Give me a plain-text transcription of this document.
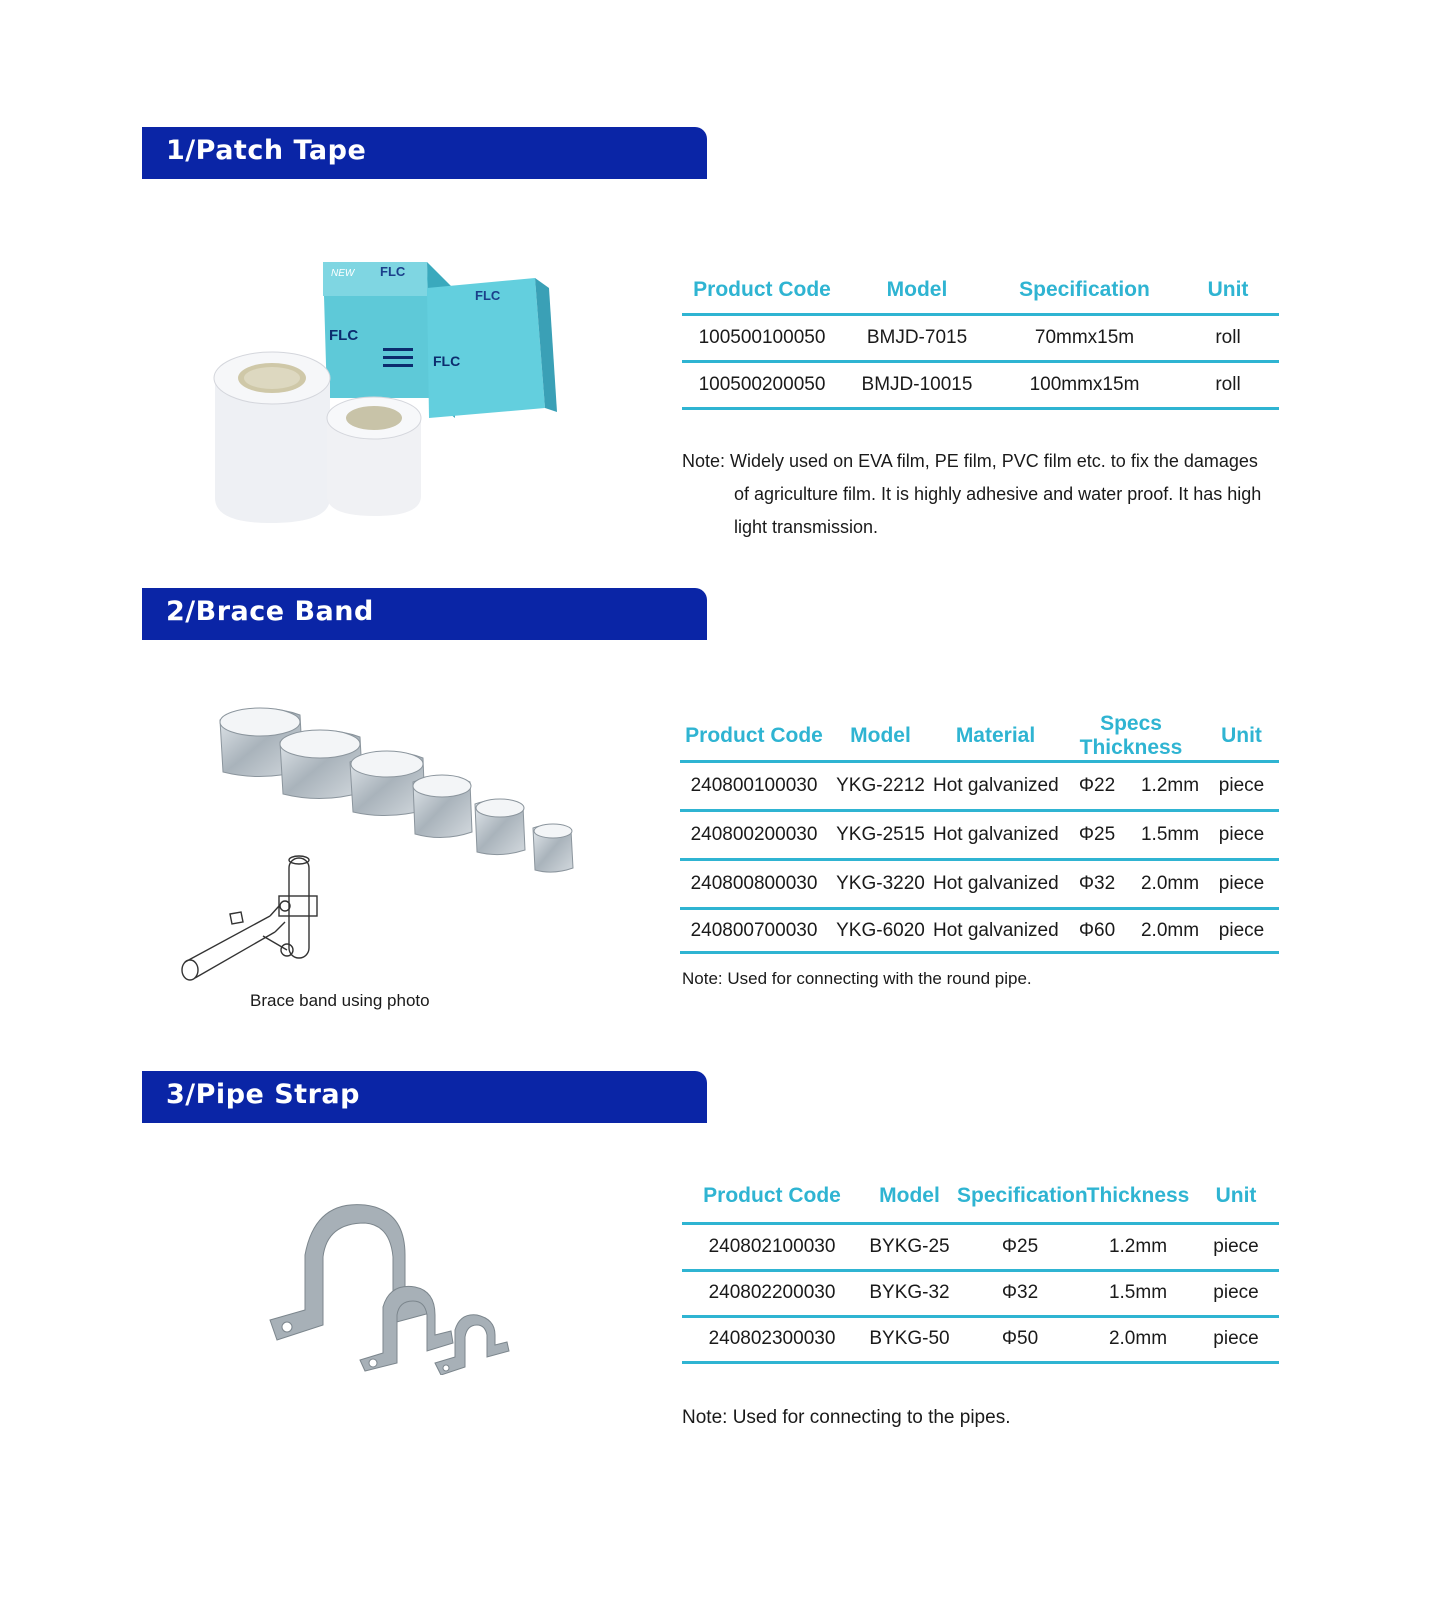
1/Patch Tape
NEW FLC
FLC
FLC
FLC
Product Code	Model	Specification	Unit
100500100050	BMJD-7015	70mmx15m	roll
100500200050	BMJD-10015	100mmx15m	roll
Note: Widely used on EVA film, PE film, PVC film etc. to fix the damages
of agriculture film. It is highly adhesive and water proof. It has high
light transmission.
2/Brace Band
Brace band using photo
Product Code	Model	Material	Specs Thickness		Unit
240800100030	YKG-2212	Hot galvanized	Φ22	1.2mm	piece
240800200030	YKG-2515	Hot galvanized	Φ25	1.5mm	piece
240800800030	YKG-3220	Hot galvanized	Φ32	2.0mm	piece
240800700030	YKG-6020	Hot galvanized	Φ60	2.0mm	piece
Note: Used for connecting with the round pipe.
3/Pipe Strap
Product Code	Model	Specification	Thickness	Unit
240802100030	BYKG-25	Φ25	1.2mm	piece
240802200030	BYKG-32	Φ32	1.5mm	piece
240802300030	BYKG-50	Φ50	2.0mm	piece
Note: Used for connecting to the pipes.
